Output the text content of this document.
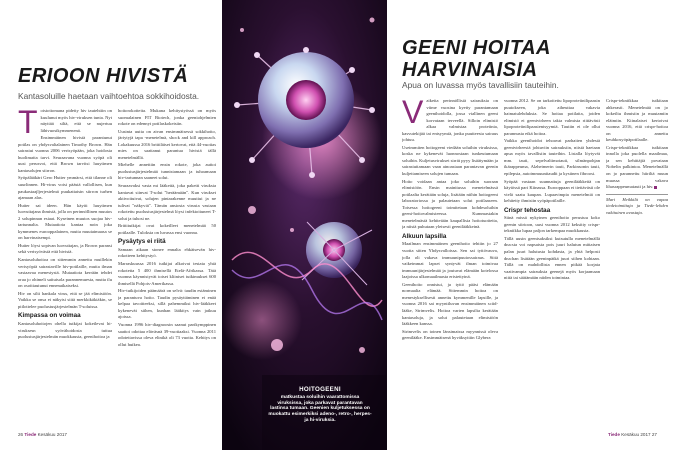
ERIOON HIVISTÄ
Kantasoluille haetaan vaihtoehtoa sokkihoidosta.
T oistottomana pidetty hiv tautehtiin on kuulunut myös hiv-viruksen tunta. Nyt näyttää siltä, että se nujertuu lähivuosikymmenenä.

Ensimmäinen hivistä parantunut potilas on yhdysvaltalainen Timothy Brown. Hän sairastui vuonna 2006 verisyöpään, joka hoidosta huolimatta tarvi. Seuraavana vuonna syöpä oli uusi perusvoi, että Brown tarvitsi luuytimen kantasolujen siirron.

Syöpälääkäri Gero Hutter ymmärsi, että tilanne oli suurlinnen. Hi-virus voisi päästä vallollisen, kun paukastaajljerjestelmä puukattaisin siirron turhen ajamaan alas.

Hutter sai ideen. Hän käytti luuytimen luovuttajana ihmistä, jolla on perinnöllinen muutos 2 solupinnan esiaat. Kyseinen muutos suojaa hiv-tartunnalta. Mutaatiota kantaa noin joka kymmenes eurooppalainen, mutta muutaimaasa se on harvinaisempi.

Hutter löysi sopivan luovuttajan, ja Brown paransi sekä verisyövästä että hivistä.

Kantasoluhoitoa on sittemmin annettu muillekin verisyöpiä sairastaville hiv-potilaille, mutta ilman vastaavaa menestystä. Mutaatiota kerrään tehdet oraa jo ohimeli saituisola parannemuesta, mutta ilu on osoittautunut ennenaikaiseksi.

Hiv on silti hankala virus, että se jää elimistöön. Vaikka se onsa ei näkyisi siitä merkkikäkiäkin, se piilottelee puolustusjärjestelmän T-soluissa.

Kimpassa on voimaa

Kantasoluhoitojen ohella tutkijat kokeilevat hi-viruksesn syövähoidosta tuttua puolustusjärjestelmän muokkausta, geenihoitoa ja

hoitorokotteita. Mukana kehitystyössä on myös suomalainen FIT Biotech, jonka geeniohjelmien rokote on edennyt potilaskokeisiin.

Uusinta uutta on aivan ensimmäisessä sokkihoito, järiytyjä tapa -menetelmä, shock and kill approach. Lokakuussa 2016 brittiläiset kertovat, että 44-vuotias mies on saattanut parantua hivistä tällä menetelmällä.

Miehelle annettiin ensin rokote, joka auttoi puolustusjärjestelmää tunnistamaan ja tuhoamaan hiv-tartunnan saaneet solut.

Seuraavaksi vasta mi lääkettä, joka paketti viruksta kantavat siinvat T-solut "heräämään". Kun virukset aktivoituivat, solujen pintarakenne muuttui ja ne tulivat "näkyviä". Tämän ansiosta virusta vastaan rokotettu puolustusjärjestelmä löysi infektoituneet T-solut ja tuhosi ne.

Brittitutkijat ovat kokeilleet menetelmää 50 potilaalle. Tuloksia on luvassa ensi vuonna.

Pysäytys ei riitä

Samaan aikaan stonee ennalta ehkäisevän hiv-rokotteen kehitystyö.

Marraskuussa 2016 tutkijat alkoivat testata yhtä rokotetta 5 400 ihmisellä Etelä-Afrikassa. Tätä vuonna käynnistyvät toiset kliiniset tutkimukset 600 ihmisellä Pohjois-Amerikassa.

Hiv-tutkijoiden päämäärä on selvä: taudin estäminen ja parantuva hoito. Taudin pysäyttäminen ei enää kelpaa tavoitteeksi, sillä pahemmiksi hiv-lääkkeet kykenevät siihen, kunhan lääkitys vain jatkuu ajoissa.

Vuonna 1996 hiv-diagnoosin saanut parikymppinen saattoi odottaa eläväsnä 39-vuotiaaksi. Vuonna 2011 odotettavissa oleva elinikä oli 73 vuotta. Kehitys on ollut huikea.

26 Tiede Kesäkuu 2017
HOITOGEENI
matkustaa soluihin vaarattomissa viruksissa, joka parkavat parantavan lastinsa tumaan. Geenien kuljetuksessa on muokattu esimerkiksi adeno-, retro-, herpes- ja hi-viruksia.
GEENI HOITAA
HARVINAISIA
Apua on luvassa myös tavallisiin tauteihin.
V aikeita perinnöllisiä sairauksia on viime vuosina kyetty parantamaan geenihoidolla, jossa viallinen geeni korvataan terveellä. Silloin elimistö alkaa valmistaa proteiinia, kasvutekijää tai entsyymiä, jonka puutteesta sairaus johtuu.

Useimmiten hoitogeeni viedään soluihin viruksissa, koska ne kykenevät luonnostaan tunkeutumaan soluihin. Kuljetusvirukset sirrät pyyy lisäätymään ja sairastuttamaan vaan ainoastaan parantavan geenin kuljettamiseen solujen tumaan.

Hoito voidaan antaa joko soluihin suoraan elimistöön. Ensin mainitussa menetelmässä potilaalta kerätään soluja, lisätään niihin hoitogeeni laboratoriossa ja palautetaan solut potilaaseen. Toisessa hoitogeeni toimitetaan kohdesoluihin geeni-hoitovalmisteessa. Kummastakin menetelmästä kehitetään kaupallisia hoitotuotteita, ja niistä puhutaan yleisesti geenilääkkeinä.

Alkuun lapsilla

Maailman ensimmäinen geenihoito tehtiin jo 27 vuotta sitten Yhdysvalloissa. Sen sai tyttövauva, jolla oli vakava immuunipuutossairaus. Siitä vaikeimmat lapset syntyvät ilman toimivaa immuunijärjestelmää ja joutuvat elämään kotelossa laajoissa ulkomaailmasta eristettyinä.

Geenihoito onnistui, ja tyttö pääsi elämään normaalia elämää. Sittemmin hoitoa on menestyksellisesti annettu kymmenille lapsille, ja vuonna 2016 sai myyntiluvan ensimmäinen sciid-lääke, Strimvelis. Hoitoa varten lapsilta kerätään kantasoluja, ja solut palautetaan elimistöön lääkkeen kanssa.

Strimvelis on toinen länsimaissa myynnissä oleva geenilääke. Ensimmäisenä hyväksyttiin Glybera

vuonna 2012. Se on tarkoitettu lipoproteiinilipaasin puutokseen, joka aiheuttaa vakavia haimatulehduksia. Se hoitaa potilaita, joiden elimistö ei geenivirheen takia valmista riittävästi lipoproteiinilipaasientsyymiä. Tautiin ei ole ollut parannusta eikä hoitoa.

Vaikka geenihoidot tehoavat parhaiten yhdestä geenivirheestä johtuviin sairauksiin, niistä haetaan apua myös tavallisiin tauteihin. Listalla löytyvät mm. tauti, sepelvaltimotauti, silmänpohjan ikärappeuma, Alzheimerin tauti, Parkinsonin tauti, epilepsia, autoimmuunitaudit ja kystinen fibroosi.

Syöpää vastaan suunnattuja geenilääkkeitä on käytössä pari Kiinassa. Eurooppaan ei tiettävästi ole vielä saatu kaupan. Lupaavimpia menetelmiä on kehitetty ihmisiin syöpäpotilaille.

Crispr tehostaa

Siinä missä nykyinen geenihoito perustuu koko geenin siirtoon, uusi vuonna 2012 keksitty crispr-tekniikka lupaa paljon tarkempaa muokkausta.

Tällä uusin geenisaksiksi kutsutulla menetelmällä dna:sta voi napsaista pois juuri halutun mittaisen palan juuri halutusta kohdasta, ja yhtä helposti dna:han lisätään geeninpätkä juuri siihen kohtaan. Tällä on mahdollista ennen pitkää korjata vaativampia sairauksia geenejä myös korjaamaan niitä tai säätämään niiden toimintaa.

Crispr-tekniikkaa tutkitaan ahkerasti. Menetelmää on jo kokeiltu ihmisiin ja muutamiin eläimiin. Kiinalaiset kertoivat vuonna 2016, että crispr-hoitoa on annettu keuhkosyöpäpotilaalle.

Crispr-tekniikkaa tutkitaan innolla joka puolella maailmaa, ja sen kehittäjiä povataan Nobelin palkintoa. Menetelmällä on jo parannettu hiiriltä muun muassa vakava lihasrappeumatauti ja hiv.

Mari Heikkilä on vapaa tiedetoimittaja ja Tiede-lehden vakituinen avustaja.

Tiede Kesäkuu 2017 27
